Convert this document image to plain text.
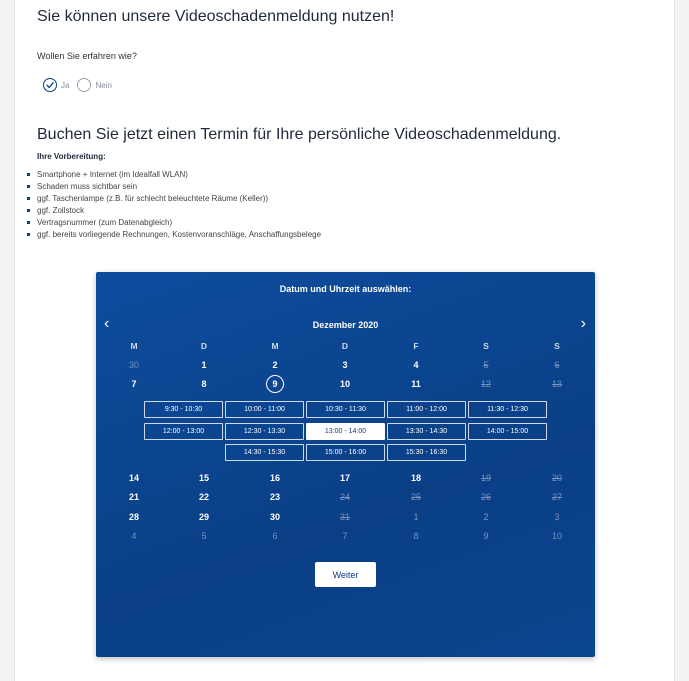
Sie können unsere Videoschadenmeldung nutzen!
Wollen Sie erfahren wie?
Ja	Nein
Buchen Sie jetzt einen Termin für Ihre persönliche Videoschadenmeldung.
Ihre Vorbereitung:
Smartphone + Internet (im Idealfall WLAN)
Schaden muss sichtbar sein
ggf. Taschenlampe (z.B. für schlecht beleuchtete Räume (Keller))
ggf. Zollstock
Vertragsnummer (zum Datenabgleich)
ggf. bereits vorliegende Rechnungen, Kostenvoranschläge, Anschaffungsbelege
Datum und Uhrzeit auswählen:
‹	Dezember 2020	›
Weiter
M	D	M	D	F	S	S
30	1	2	3	4	5	6
7	8	9	10	11	12	13
14	15	16	17	18	19	20
21	22	23	24	25	26	27
28	29	30	31	1	2	3
4	5	6	7	8	9	10
9:30 - 10:30	10:00 - 11:00	10:30 - 11:30	11:00 - 12:00	11:30 - 12:30
12:00 - 13:00	12:30 - 13:30	13:00 - 14:00	13:30 - 14:30	14:00 - 15:00
14:30 - 15:30	15:00 - 16:00	15:30 - 16:30
